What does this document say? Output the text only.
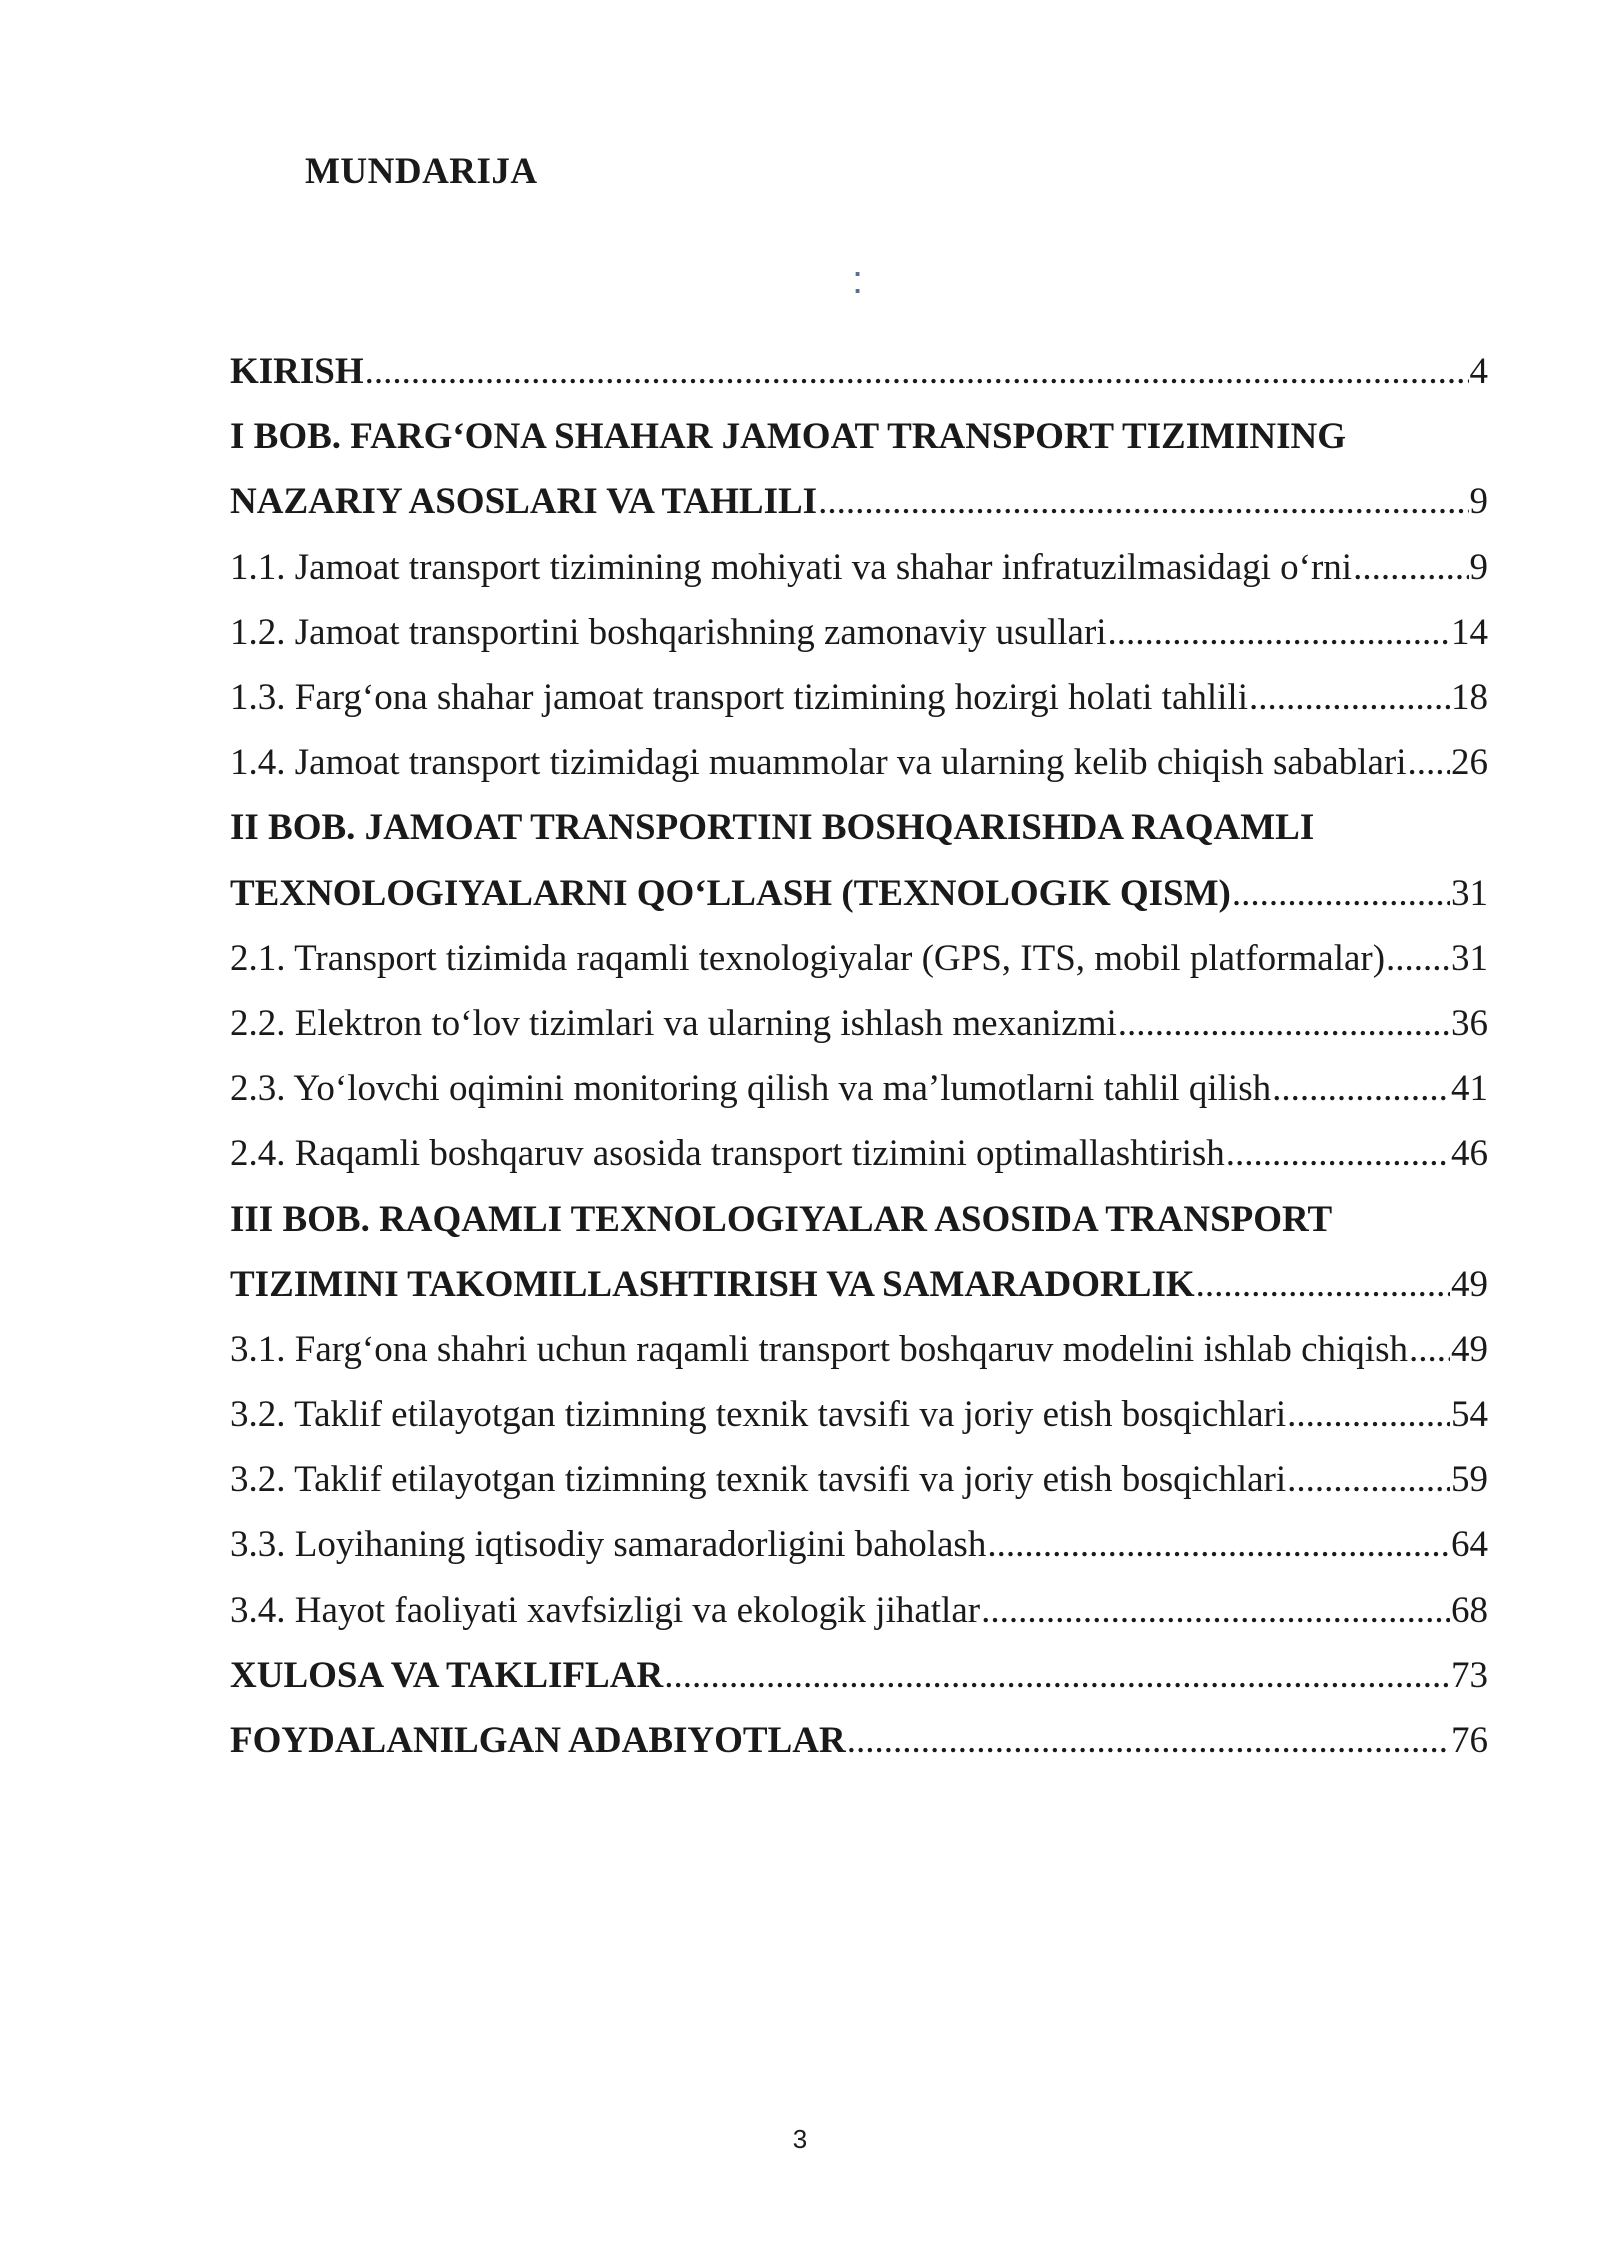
MUNDARIJA
:
KIRISH .....	4
I BOB. FARG‘ONA SHAHAR JAMOAT TRANSPORT TIZIMINING
NAZARIY ASOSLARI VA TAHLILI .....	9
1.1. Jamoat transport tizimining mohiyati va shahar infratuzilmasidagi o‘rni .....	9
1.2. Jamoat transportini boshqarishning zamonaviy usullari .....	14
1.3. Farg‘ona shahar jamoat transport tizimining hozirgi holati tahlili .....	18
1.4. Jamoat transport tizimidagi muammolar va ularning kelib chiqish sabablari ..... 26
II BOB. JAMOAT TRANSPORTINI BOSHQARISHDA RAQAMLI
TEXNOLOGIYALARNI QO‘LLASH (TEXNOLOGIK QISM) .....	31
2.1. Transport tizimida raqamli texnologiyalar (GPS, ITS, mobil platformalar) ..... 31
2.2. Elektron to‘lov tizimlari va ularning ishlash mexanizmi .....	36
2.3. Yo‘lovchi oqimini monitoring qilish va ma’lumotlarni tahlil qilish .....	41
2.4. Raqamli boshqaruv asosida transport tizimini optimallashtirish .....	46
III BOB. RAQAMLI TEXNOLOGIYALAR ASOSIDA TRANSPORT
TIZIMINI TAKOMILLASHTIRISH VA SAMARADORLIK .....	49
3.1. Farg‘ona shahri uchun raqamli transport boshqaruv modelini ishlab chiqish ..... 49
3.2. Taklif etilayotgan tizimning texnik tavsifi va joriy etish bosqichlari .....	54
3.2. Taklif etilayotgan tizimning texnik tavsifi va joriy etish bosqichlari .....	59
3.3. Loyihaning iqtisodiy samaradorligini baholash .....	64
3.4. Hayot faoliyati xavfsizligi va ekologik jihatlar .....	68
XULOSA VA TAKLIFLAR .....	73
FOYDALANILGAN ADABIYOTLAR .....	76
3
